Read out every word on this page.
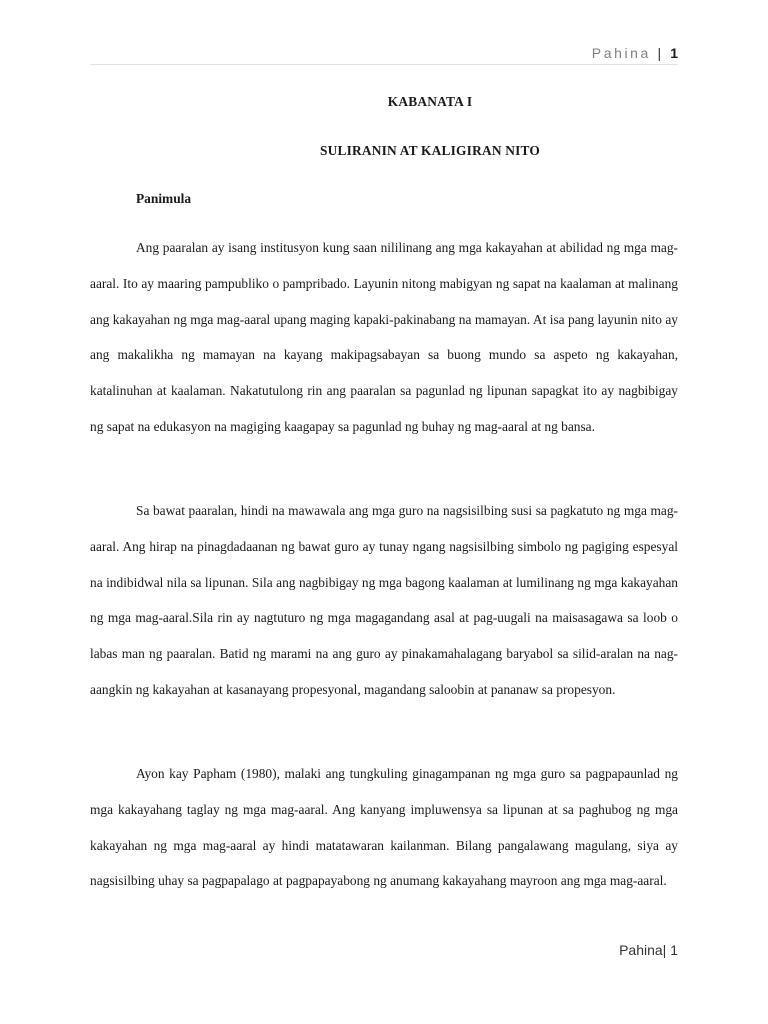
Pahina | 1
KABANATA I
SULIRANIN AT KALIGIRAN NITO
Panimula

Ang paaralan ay isang institusyon kung saan nililinang ang mga kakayahan at abilidad ng mga mag-aaral. Ito ay maaring pampubliko o pampribado. Layunin nitong mabigyan ng sapat na kaalaman at malinang ang kakayahan ng mga mag-aaral upang maging kapaki-pakinabang na mamayan. At isa pang layunin nito ay ang makalikha ng mamayan na kayang makipagsabayan sa buong mundo sa aspeto ng kakayahan, katalinuhan at kaalaman. Nakatutulong rin ang paaralan sa pagunlad ng lipunan sapagkat ito ay nagbibigay ng sapat na edukasyon na magiging kaagapay sa pagunlad ng buhay ng mag-aaral at ng bansa.

Sa bawat paaralan, hindi na mawawala ang mga guro na nagsisilbing susi sa pagkatuto ng mga mag-aaral. Ang hirap na pinagdadaanan ng bawat guro ay tunay ngang nagsisilbing simbolo ng pagiging espesyal na indibidwal nila sa lipunan. Sila ang nagbibigay ng mga bagong kaalaman at lumilinang ng mga kakayahan ng mga mag-aaral.Sila rin ay nagtuturo ng mga magagandang asal at pag-uugali na maisasagawa sa loob o labas man ng paaralan. Batid ng marami na ang guro ay pinakamahalagang baryabol sa silid-aralan na nag-aangkin ng kakayahan at kasanayang propesyonal, magandang saloobin at pananaw sa propesyon.

Ayon kay Papham (1980), malaki ang tungkuling ginagampanan ng mga guro sa pagpapaunlad ng mga kakayahang taglay ng mga mag-aaral. Ang kanyang impluwensya sa lipunan at sa paghubog ng mga kakayahan ng mga mag-aaral ay hindi matatawaran kailanman. Bilang pangalawang magulang, siya ay nagsisilbing uhay sa pagpapalago at pagpapayabong ng anumang kakayahang mayroon ang mga mag-aaral.

Pahina| 1
